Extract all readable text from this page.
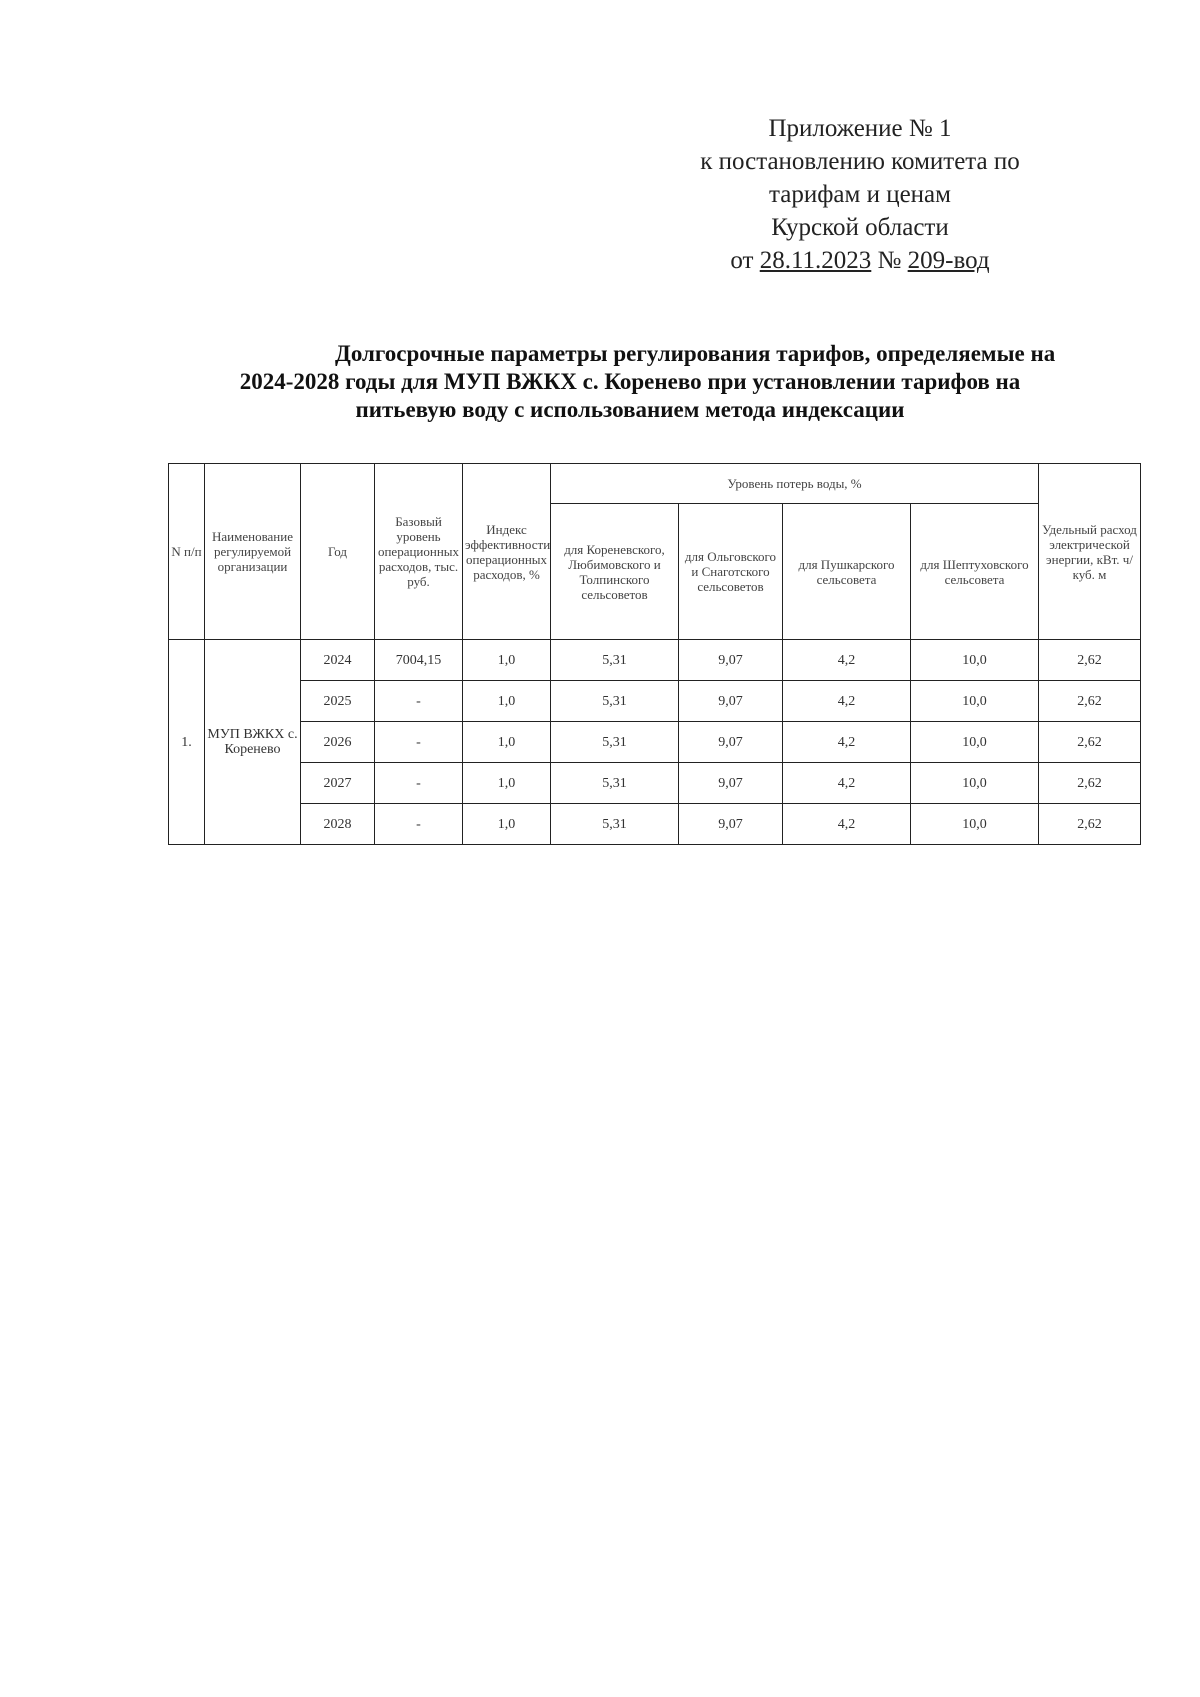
Приложение № 1
к постановлению комитета по
тарифам и ценам
Курской области
от 28.11.2023 № 209-вод
Долгосрочные параметры регулирования тарифов, определяемые на
2024-2028 годы для МУП ВЖКХ с. Коренево при установлении тарифов на
питьевую воду с использованием метода индексации
N п/п	Наименование регулируемой организации	Год	Базовый уровень операционных расходов, тыс. руб.	Индекс эффективности операционных расходов, %	Уровень потерь воды, %				Удельный расход электрической энергии, кВт. ч/куб. м
					для Кореневского, Любимовского и Толпинского сельсоветов	для Ольговского и Снаготского сельсоветов	для Пушкарского сельсовета	для Шептуховского сельсовета	
1.	МУП ВЖКХ с. Коренево	2024	7004,15	1,0	5,31	9,07	4,2	10,0	2,62
		2025	-	1,0	5,31	9,07	4,2	10,0	2,62
		2026	-	1,0	5,31	9,07	4,2	10,0	2,62
		2027	-	1,0	5,31	9,07	4,2	10,0	2,62
		2028	-	1,0	5,31	9,07	4,2	10,0	2,62
